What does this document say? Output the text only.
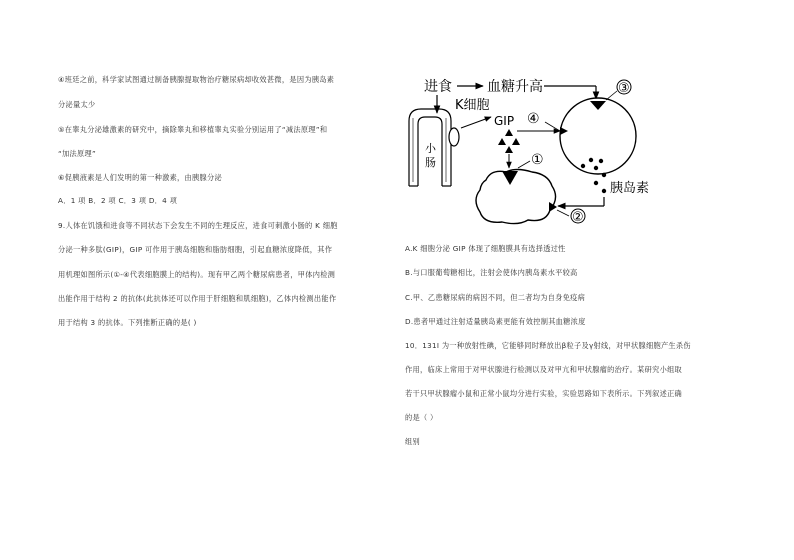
④班廷之前，科学家试图通过制备胰腺提取物治疗糖尿病却收效甚微，是因为胰岛素
分泌量太少
⑤在睾丸分泌雄激素的研究中，摘除睾丸和移植睾丸实验分别运用了“减法原理”和
“加法原理”
⑥促胰液素是人们发明的第一种激素，由胰腺分泌
A．1 项 B．2 项 C．3 项 D．4 项
9.人体在饥饿和进食等不同状态下会发生不同的生理反应，进食可刺激小肠的 K 细胞
分泌一种多肽(GIP)，GIP 可作用于胰岛细胞和脂肪细胞，引起血糖浓度降低，其作
用机理如图所示(①-④代表细胞膜上的结构)。现有甲乙两个糖尿病患者，甲体内检测
出能作用于结构 2 的抗体(此抗体还可以作用于肝细胞和肌细胞)，乙体内检测出能作
用于结构 3 的抗体。下列推断正确的是( )
进食	血糖升高
K细胞
GIP
胰岛素
小
肠
③
④
①
②
A.K 细胞分泌 GIP 体现了细胞膜具有选择透过性
B.与口服葡萄糖相比，注射会使体内胰岛素水平较高
C.甲、乙患糖尿病的病因不同，但二者均为自身免疫病
D.患者甲通过注射适量胰岛素更能有效控制其血糖浓度
10．131I 为一种放射性碘，它能够同时释放出β粒子及γ射线，对甲状腺细胞产生杀伤
作用，临床上常用于对甲状腺进行检测以及对甲亢和甲状腺瘤的治疗。某研究小组取
若干只甲状腺瘤小鼠和正常小鼠均分进行实验，实验思路如下表所示。下列叙述正确
的是（ ）
组别
